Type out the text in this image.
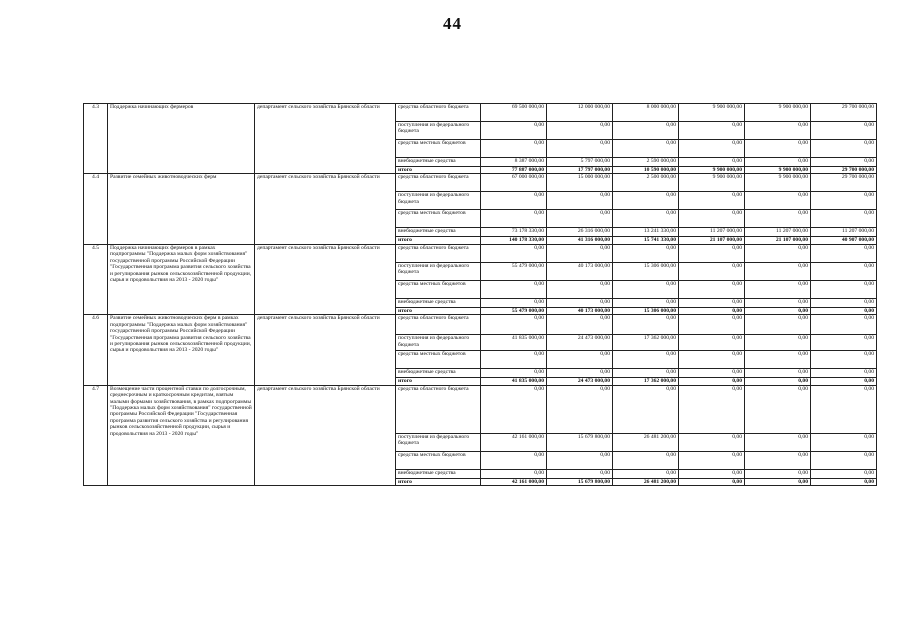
44
4.3	Поддержка начинающих фермеров	департамент сельского хозяйства Брянской области	средства областного бюджета	69 500 000,00	12 000 000,00	8 000 000,00	9 900 000,00	9 900 000,00	29 700 000,00
			поступления из федерального бюджета	0,00	0,00	0,00	0,00	0,00	0,00
			средства местных бюджетов	0,00	0,00	0,00	0,00	0,00	0,00
			внебюджетные средства	8 387 000,00	5 797 000,00	2 590 000,00	0,00	0,00	0,00
			итого	77 887 000,00	17 797 000,00	10 590 000,00	9 900 000,00	9 900 000,00	29 700 000,00
4.4	Развитие семейных животноводческих ферм	департамент сельского хозяйства Брянской области	средства областного бюджета	67 000 000,00	15 000 000,00	2 500 000,00	9 900 000,00	9 900 000,00	29 700 000,00
			поступления из федерального бюджета	0,00	0,00	0,00	0,00	0,00	0,00
			средства местных бюджетов	0,00	0,00	0,00	0,00	0,00	0,00
			внебюджетные средства	73 178 330,00	26 316 000,00	13 241 330,00	11 207 000,00	11 207 000,00	11 207 000,00
			итого	140 178 330,00	41 316 000,00	15 741 330,00	21 107 000,00	21 107 000,00	40 907 000,00
4.5	Поддержка начинающих фермеров в рамках подпрограммы "Поддержка малых форм хозяйствования" государственной программы Российской Федерации "Государственная программа развития сельского хозяйства и регулирования рынков сельскохозяйственной продукции, сырья и продовольствия на 2013 - 2020 годы"	департамент сельского хозяйства Брянской области	средства областного бюджета	0,00	0,00	0,00	0,00	0,00	0,00
			поступления из федерального бюджета	55 479 000,00	40 173 000,00	15 306 000,00	0,00	0,00	0,00
			средства местных бюджетов	0,00	0,00	0,00	0,00	0,00	0,00
			внебюджетные средства	0,00	0,00	0,00	0,00	0,00	0,00
			итого	55 479 000,00	40 173 000,00	15 306 000,00	0,00	0,00	0,00
4.6	Развитие семейных животноводческих ферм в рамках подпрограммы "Поддержка малых форм хозяйствования" государственной программы Российской Федерации "Государственная программа развития сельского хозяйства и регулирования рынков сельскохозяйственной продукции, сырья и продовольствия на 2013 - 2020 годы"	департамент сельского хозяйства Брянской области	средства областного бюджета	0,00	0,00	0,00	0,00	0,00	0,00
			поступления из федерального бюджета	41 835 000,00	24 473 000,00	17 362 000,00	0,00	0,00	0,00
			средства местных бюджетов	0,00	0,00	0,00	0,00	0,00	0,00
			внебюджетные средства	0,00	0,00	0,00	0,00	0,00	0,00
			итого	41 835 000,00	24 473 000,00	17 362 000,00	0,00	0,00	0,00
4.7	Возмещение части процентной ставки по долгосрочным, среднесрочным и краткосрочным кредитам, взятым малыми формами хозяйствования, в рамках подпрограммы "Поддержка малых форм хозяйствования" государственной программы Российской Федерации "Государственная программа развития сельского хозяйства и регулирования рынков сельскохозяйственной продукции, сырья и продовольствия на 2013 - 2020 годы"	департамент сельского хозяйства Брянской области	средства областного бюджета	0,00	0,00	0,00	0,00	0,00	0,00
			поступления из федерального бюджета	42 161 000,00	15 679 800,00	26 481 200,00	0,00	0,00	0,00
			средства местных бюджетов	0,00	0,00	0,00	0,00	0,00	0,00
			внебюджетные средства	0,00	0,00	0,00	0,00	0,00	0,00
			итого	42 161 000,00	15 679 800,00	26 481 200,00	0,00	0,00	0,00
